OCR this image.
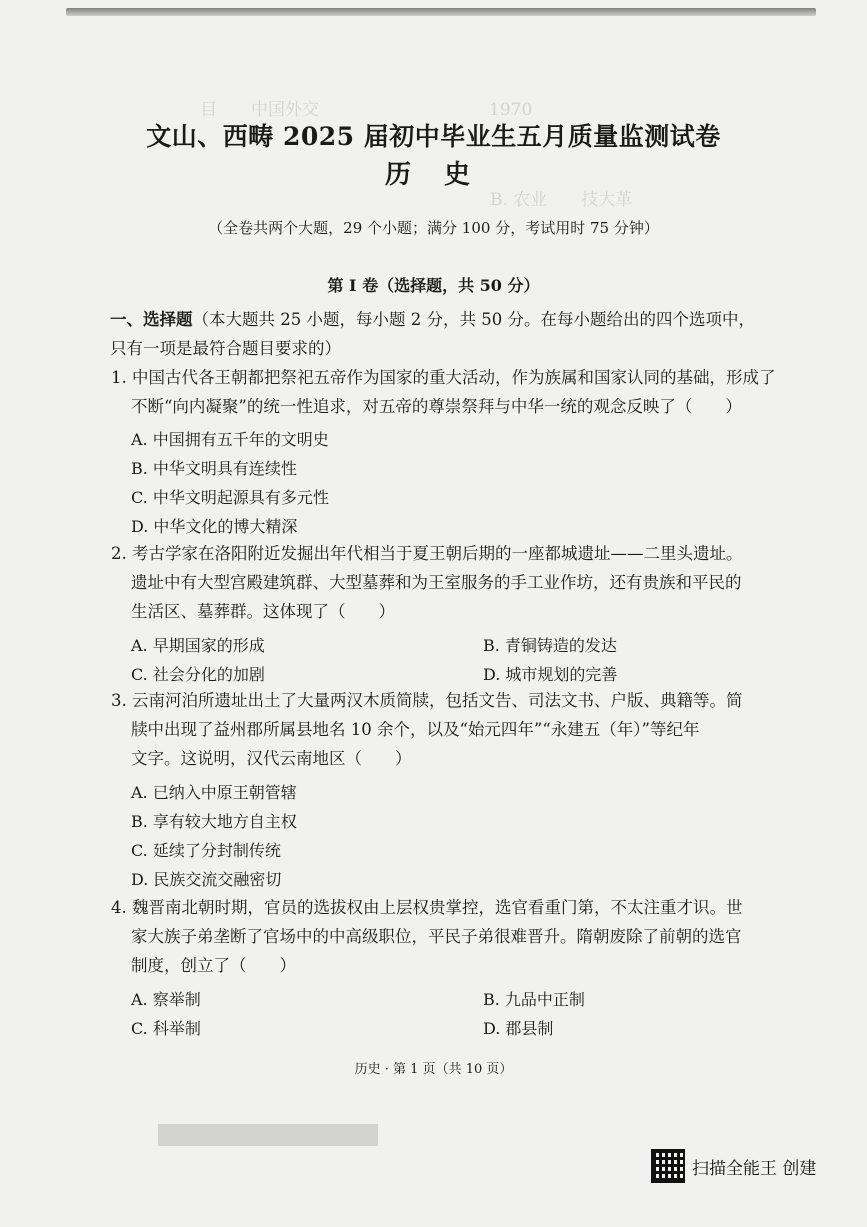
目　　中国外交　　　　　　　　　　1970
B. 农业　　技大革

文山、西畴 2025 届初中毕业生五月质量监测试卷
历 史
（全卷共两个大题，29 个小题；满分 100 分，考试用时 75 分钟）
第 I 卷（选择题，共 50 分）
一、选择题（本大题共 25 小题，每小题 2 分，共 50 分。在每小题给出的四个选项中，
只有一项是最符合题目要求的）
1. 中国古代各王朝都把祭祀五帝作为国家的重大活动，作为族属和国家认同的基础，形成了
不断“向内凝聚”的统一性追求，对五帝的尊崇祭拜与中华一统的观念反映了（　　）
A. 中国拥有五千年的文明史
B. 中华文明具有连续性
C. 中华文明起源具有多元性
D. 中华文化的博大精深
2. 考古学家在洛阳附近发掘出年代相当于夏王朝后期的一座都城遗址——二里头遗址。
遗址中有大型宫殿建筑群、大型墓葬和为王室服务的手工业作坊，还有贵族和平民的
生活区、墓葬群。这体现了（　　）
A. 早期国家的形成	B. 青铜铸造的发达
C. 社会分化的加剧	D. 城市规划的完善
3. 云南河泊所遗址出土了大量两汉木质简牍，包括文告、司法文书、户版、典籍等。简
牍中出现了益州郡所属县地名 10 余个，以及“始元四年”“永建五（年）”等纪年
文字。这说明，汉代云南地区（　　）
A. 已纳入中原王朝管辖
B. 享有较大地方自主权
C. 延续了分封制传统
D. 民族交流交融密切
4. 魏晋南北朝时期，官员的选拔权由上层权贵掌控，选官看重门第，不太注重才识。世
家大族子弟垄断了官场中的中高级职位，平民子弟很难晋升。隋朝废除了前朝的选官
制度，创立了（　　）
A. 察举制	B. 九品中正制
C. 科举制	D. 郡县制
历史 · 第 1 页（共 10 页）
扫描全能王 创建
